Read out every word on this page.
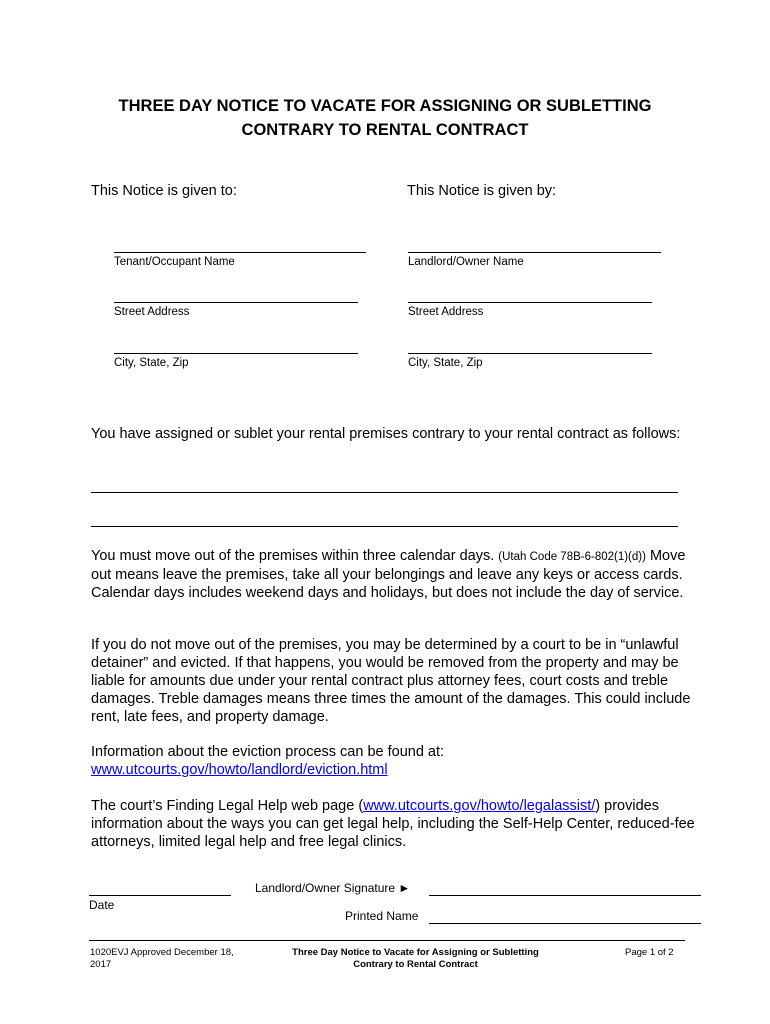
THREE DAY NOTICE TO VACATE FOR ASSIGNING OR SUBLETTING
CONTRARY TO RENTAL CONTRACT
This Notice is given to:	This Notice is given by:
Tenant/Occupant Name
Street Address
City, State, Zip
Landlord/Owner Name
Street Address
City, State, Zip
You have assigned or sublet your rental premises contrary to your rental contract as follows:
You must move out of the premises within three calendar days. (Utah Code 78B-6-802(1)(d)) Move out means leave the premises, take all your belongings and leave any keys or access cards. Calendar days includes weekend days and holidays, but does not include the day of service.
If you do not move out of the premises, you may be determined by a court to be in “unlawful detainer” and evicted. If that happens, you would be removed from the property and may be liable for amounts due under your rental contract plus attorney fees, court costs and treble damages. Treble damages means three times the amount of the damages. This could include rent, late fees, and property damage.
Information about the eviction process can be found at:
www.utcourts.gov/howto/landlord/eviction.html
The court’s Finding Legal Help web page (www.utcourts.gov/howto/legalassist/) provides information about the ways you can get legal help, including the Self-Help Center, reduced-fee attorneys, limited legal help and free legal clinics.
Date
Landlord/Owner Signature ►
Printed Name
1020EVJ Approved December 18, 2017
Three Day Notice to Vacate for Assigning or Subletting Contrary to Rental Contract
Page 1 of 2
